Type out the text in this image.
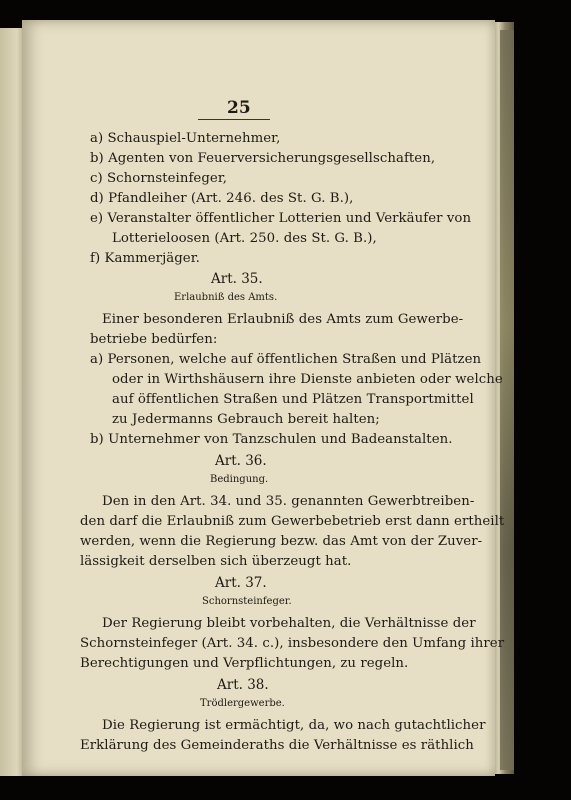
25
a) Schauspiel-Unternehmer,
b) Agenten von Feuerversicherungsgesellschaften,
c) Schornsteinfeger,
d) Pfandleiher (Art. 246. des St. G. B.),
e) Veranstalter öffentlicher Lotterien und Verkäufer von
Lotterieloosen (Art. 250. des St. G. B.),
f) Kammerjäger.
Art. 35.
Erlaubniß des Amts.
Einer besonderen Erlaubniß des Amts zum Gewerbe-
betriebe bedürfen:
a) Personen, welche auf öffentlichen Straßen und Plätzen
oder in Wirthshäusern ihre Dienste anbieten oder welche
auf öffentlichen Straßen und Plätzen Transportmittel
zu Jedermanns Gebrauch bereit halten;
b) Unternehmer von Tanzschulen und Badeanstalten.
Art. 36.
Bedingung.
Den in den Art. 34. und 35. genannten Gewerbtreiben-
den darf die Erlaubniß zum Gewerbebetrieb erst dann ertheilt
werden, wenn die Regierung bezw. das Amt von der Zuver-
lässigkeit derselben sich überzeugt hat.
Art. 37.
Schornsteinfeger.
Der Regierung bleibt vorbehalten, die Verhältnisse der
Schornsteinfeger (Art. 34. c.), insbesondere den Umfang ihrer
Berechtigungen und Verpflichtungen, zu regeln.
Art. 38.
Trödlergewerbe.
Die Regierung ist ermächtigt, da, wo nach gutachtlicher
Erklärung des Gemeinderaths die Verhältnisse es räthlich
